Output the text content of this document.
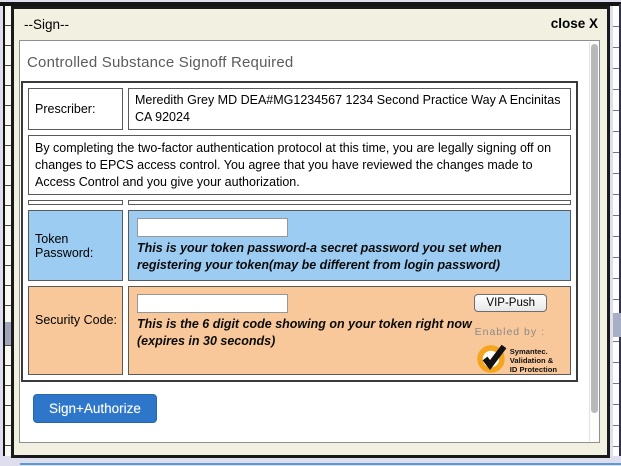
--Sign--	close X
Controlled Substance Signoff Required
Prescriber:	Meredith Grey MD DEA#MG1234567 1234 Second Practice Way A Encinitas CA 92024
By completing the two-factor authentication protocol at this time, you are legally signing off on changes to EPCS access control. You agree that you have reviewed the changes made to Access Control and you give your authorization.	

Token Password:	This is your token password-a secret password you set when registering your token(may be different from login password)

Security Code:	This is the 6 digit code showing on your token right now
(expires in 30 seconds)
VIP-Push
Enabled by :
Symantec.
Validation &
ID Protection
Sign+Authorize
